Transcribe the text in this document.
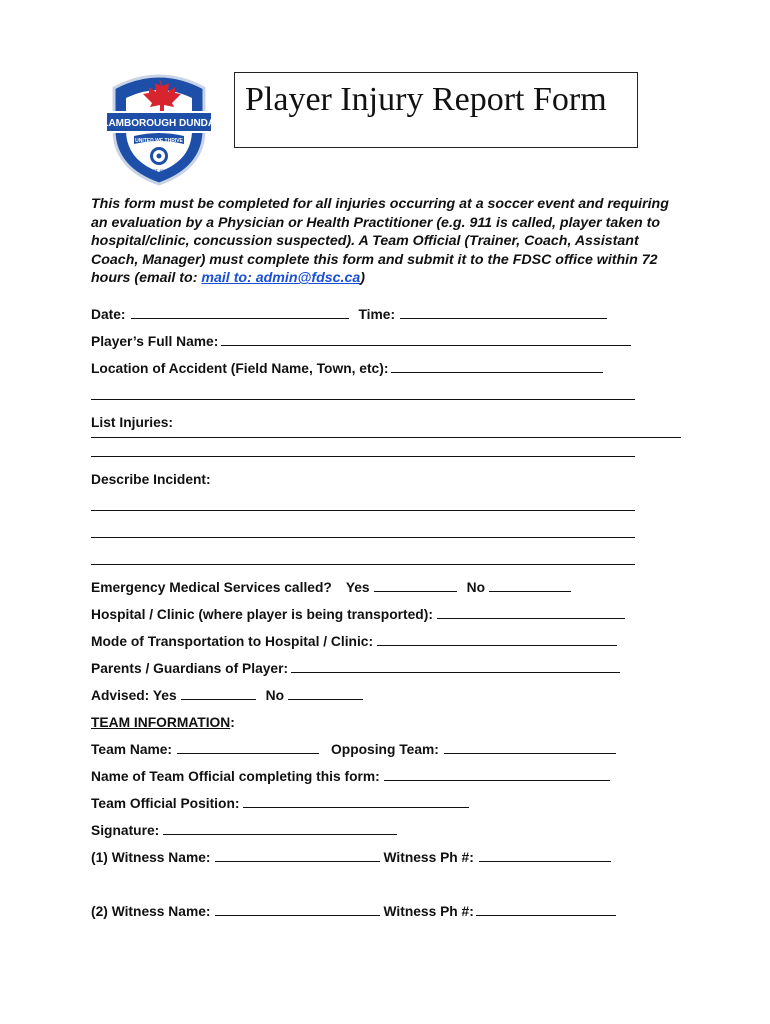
FLAMBOROUGH DUNDAS
UNITED WE THRIVE
EST. 2011
Player Injury Report Form
This form must be completed for all injuries occurring at a soccer event and requiring an evaluation by a Physician or Health Practitioner (e.g. 911 is called, player taken to hospital/clinic, concussion suspected). A Team Official (Trainer, Coach, Assistant Coach, Manager) must complete this form and submit it to the FDSC office within 72 hours (email to: mail to: admin@fdsc.ca)
Date:	Time:
Player’s Full Name:
Location of Accident (Field Name, Town, etc):
List Injuries:
Describe Incident:
Emergency Medical Services called? Yes	No
Hospital / Clinic (where player is being transported):
Mode of Transportation to Hospital / Clinic:
Parents / Guardians of Player:
Advised: Yes	No
TEAM INFORMATION :
Team Name:	Opposing Team:
Name of Team Official completing this form:
Team Official Position:
Signature:
(1) Witness Name:	Witness Ph #:
(2) Witness Name:	Witness Ph #:
